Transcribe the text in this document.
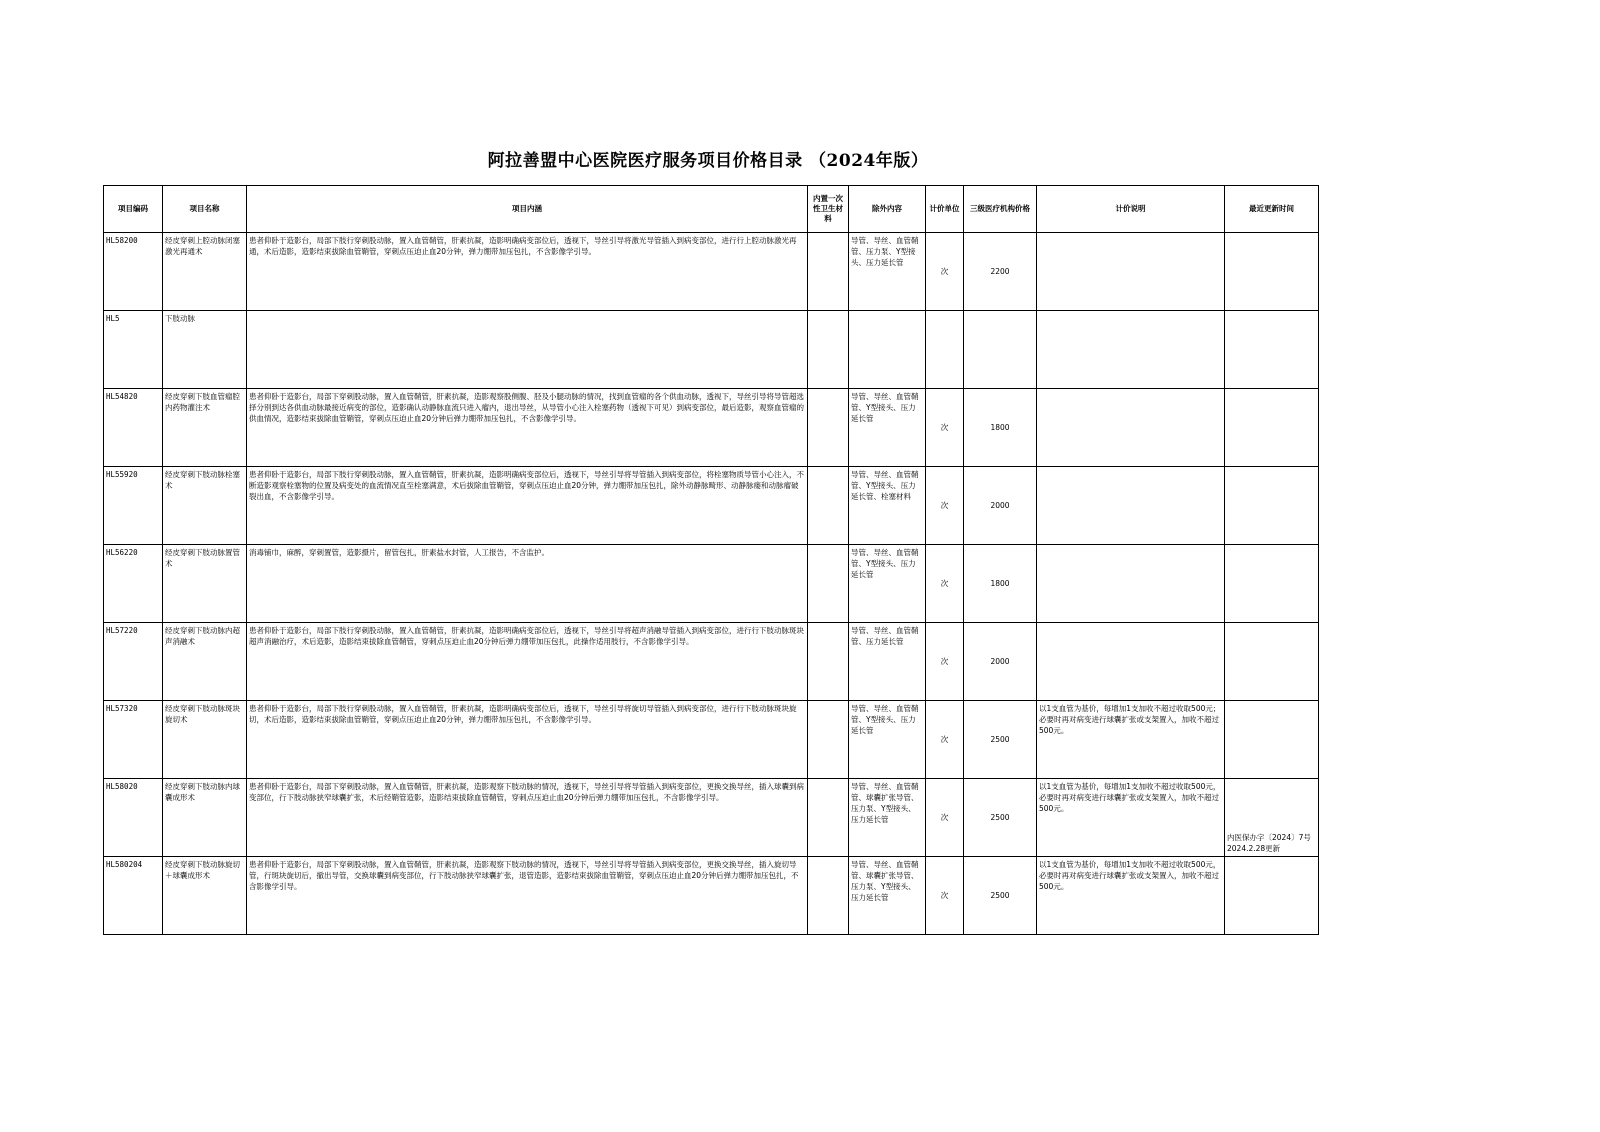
阿拉善盟中心医院医疗服务项目价格目录 （2024年版）
项目编码	项目名称	项目内涵	内置一次性卫生材料	除外内容	计价单位	三级医疗机构价格	计价说明	最近更新时间
HL58200	经皮穿刺上腔动脉闭塞激光再通术	患者仰卧于造影台，局部下肢行穿刺股动脉，置入血管鞘管，肝素抗凝，造影明确病变部位后，透视下，导丝引导将激光导管插入到病变部位，进行行上腔动脉激光再通，术后造影，造影结束拔除血管鞘管，穿刺点压迫止血20分钟，弹力绷带加压包扎，不含影像学引导。		导管、导丝、血管鞘管、压力泵、Y型接头、压力延长管	次	2200		
HL5	下肢动脉							
HL54820	经皮穿刺下肢血管瘤腔内药物灌注术	患者仰卧于造影台，局部下穿刺股动脉，置入血管鞘管，肝素抗凝，造影观察股侧腹、胫及小腿动脉的情况，找到血管瘤的各个供血动脉，透视下，导丝引导将导管超选择分别到达各供血动脉最接近病变的部位，造影确认动静脉血流只进入瘤内，退出导丝，从导管小心注入栓塞药物（透视下可见）到病变部位，最后造影，观察血管瘤的供血情况，造影结束拔除血管鞘管，穿刺点压迫止血20分钟后弹力绷带加压包扎，不含影像学引导。		导管、导丝、血管鞘管、Y型接头、压力延长管	次	1800		
HL55920	经皮穿刺下肢动脉栓塞术	患者仰卧于造影台，局部下肢行穿刺股动脉，置入血管鞘管，肝素抗凝，造影明确病变部位后，透视下，导丝引导将导管插入到病变部位，将栓塞物质导管小心注入，不断造影观察栓塞物的位置及病变处的血流情况直至栓塞满意，术后拔除血管鞘管，穿刺点压迫止血20分钟，弹力绷带加压包扎，除外动静脉畸形、动静脉瘘和动脉瘤破裂出血，不含影像学引导。		导管、导丝、血管鞘管、Y型接头、压力延长管、栓塞材料	次	2000		
HL56220	经皮穿刺下肢动脉置管术	消毒铺巾，麻醉，穿刺置管，造影摄片，留管包扎，肝素盐水封管，人工报告，不含监护。		导管、导丝、血管鞘管、Y型接头、压力延长管	次	1800		
HL57220	经皮穿刺下肢动脉内超声消融术	患者仰卧于造影台，局部下肢行穿刺股动脉，置入血管鞘管，肝素抗凝，造影明确病变部位后，透视下，导丝引导将超声消融导管插入到病变部位，进行行下肢动脉斑块超声消融治疗，术后造影，造影结束拔除血管鞘管，穿刺点压迫止血20分钟后弹力绷带加压包扎，此操作适用肢行，不含影像学引导。		导管、导丝、血管鞘管、压力延长管	次	2000		
HL57320	经皮穿刺下肢动脉斑块旋切术	患者仰卧于造影台，局部下肢行穿刺股动脉，置入血管鞘管，肝素抗凝，造影明确病变部位后，透视下，导丝引导将旋切导管插入到病变部位，进行行下肢动脉斑块旋切，术后造影，造影结束拔除血管鞘管，穿刺点压迫止血20分钟，弹力绷带加压包扎，不含影像学引导。		导管、导丝、血管鞘管、Y型接头、压力延长管	次	2500	以1支血管为基价，每增加1支加收不超过收取500元；必要时再对病变进行球囊扩张或支架置入，加收不超过500元。	
HL58020	经皮穿刺下肢动脉内球囊成形术	患者仰卧于造影台，局部下穿刺股动脉，置入血管鞘管，肝素抗凝，造影观察下肢动脉的情况，透视下，导丝引导将导管插入到病变部位，更换交换导丝，插入球囊到病变部位，行下肢动脉狭窄球囊扩张，术后经鞘管造影，造影结束拔除血管鞘管，穿刺点压迫止血20分钟后弹力绷带加压包扎，不含影像学引导。		导管、导丝、血管鞘管、球囊扩张导管、压力泵、Y型接头、压力延长管	次	2500	以1支血管为基价，每增加1支加收不超过收取500元，必要时再对病变进行球囊扩张或支架置入，加收不超过500元。	内医保办字〔2024〕7号 2024.2.28更新
HL580204	经皮穿刺下肢动脉旋切＋球囊成形术	患者仰卧于造影台，局部下穿刺股动脉，置入血管鞘管，肝素抗凝，造影观察下肢动脉的情况，透视下，导丝引导将导管插入到病变部位，更换交换导丝，插入旋切导管，行斑块旋切后，撤出导管，交换球囊到病变部位，行下肢动脉狭窄球囊扩张，退管造影，造影结束拔除血管鞘管，穿刺点压迫止血20分钟后弹力绷带加压包扎，不含影像学引导。		导管、导丝、血管鞘管、球囊扩张导管、压力泵、Y型接头、压力延长管	次	2500	以1支血管为基价，每增加1支加收不超过收取500元，必要时再对病变进行球囊扩张或支架置入，加收不超过500元。	
